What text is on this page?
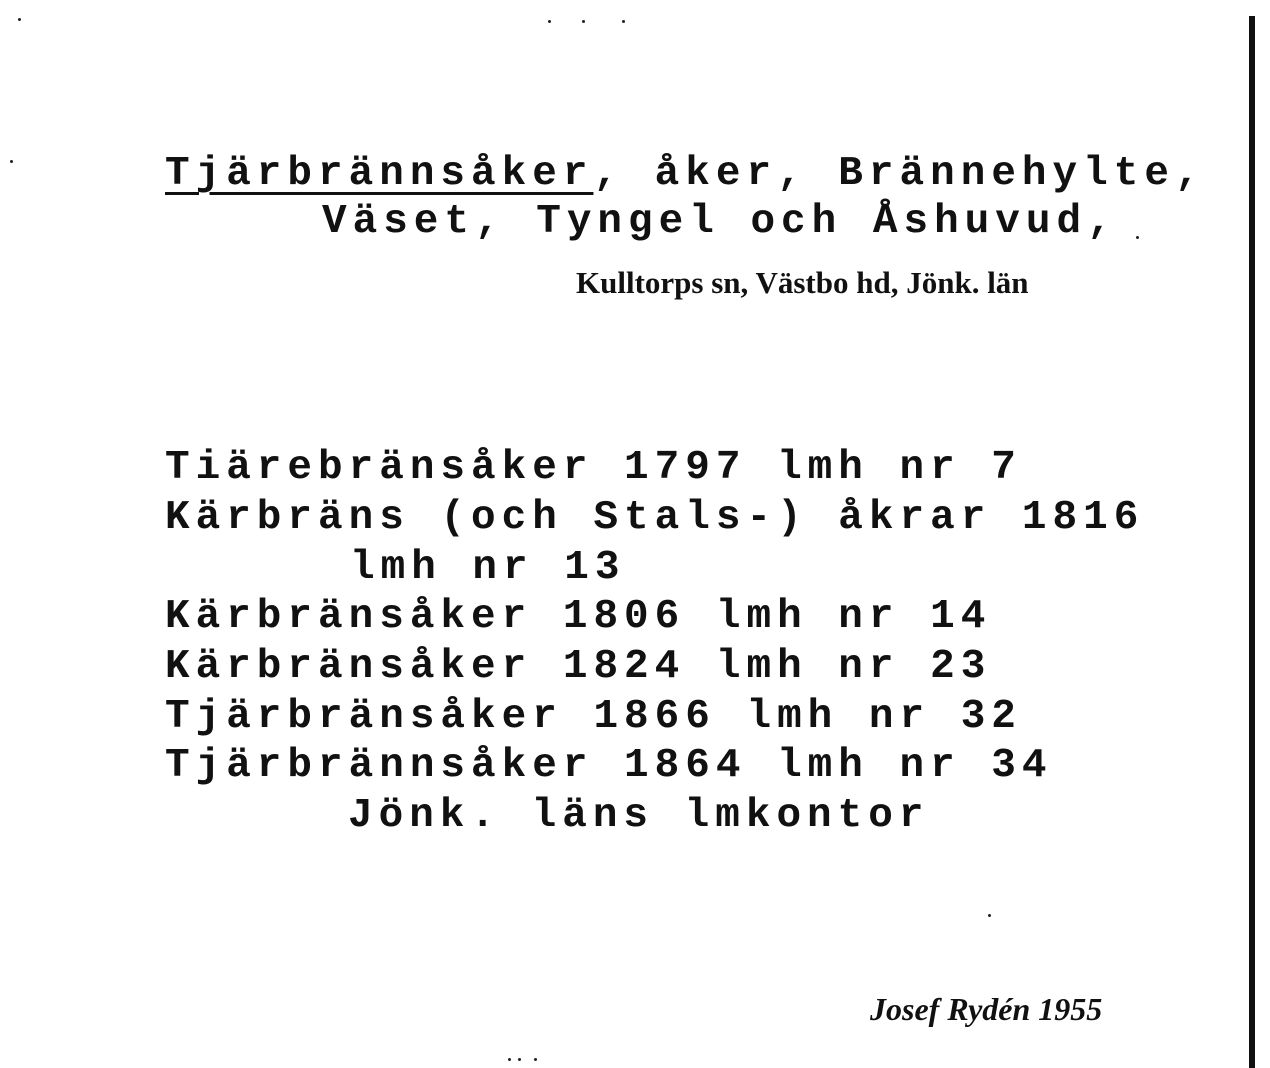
Tjärbrännsåker, åker, Brännehylte,
Väset, Tyngel och Åshuvud,
Kulltorps sn, Västbo hd, Jönk. län
Tiärebränsåker 1797 lmh nr 7
Kärbräns (och Stals-) åkrar 1816
lmh nr 13
Kärbränsåker 1806 lmh nr 14
Kärbränsåker 1824 lmh nr 23
Tjärbränsåker 1866 lmh nr 32
Tjärbrännsåker 1864 lmh nr 34
Jönk. läns lmkontor
Josef Rydén 1955
